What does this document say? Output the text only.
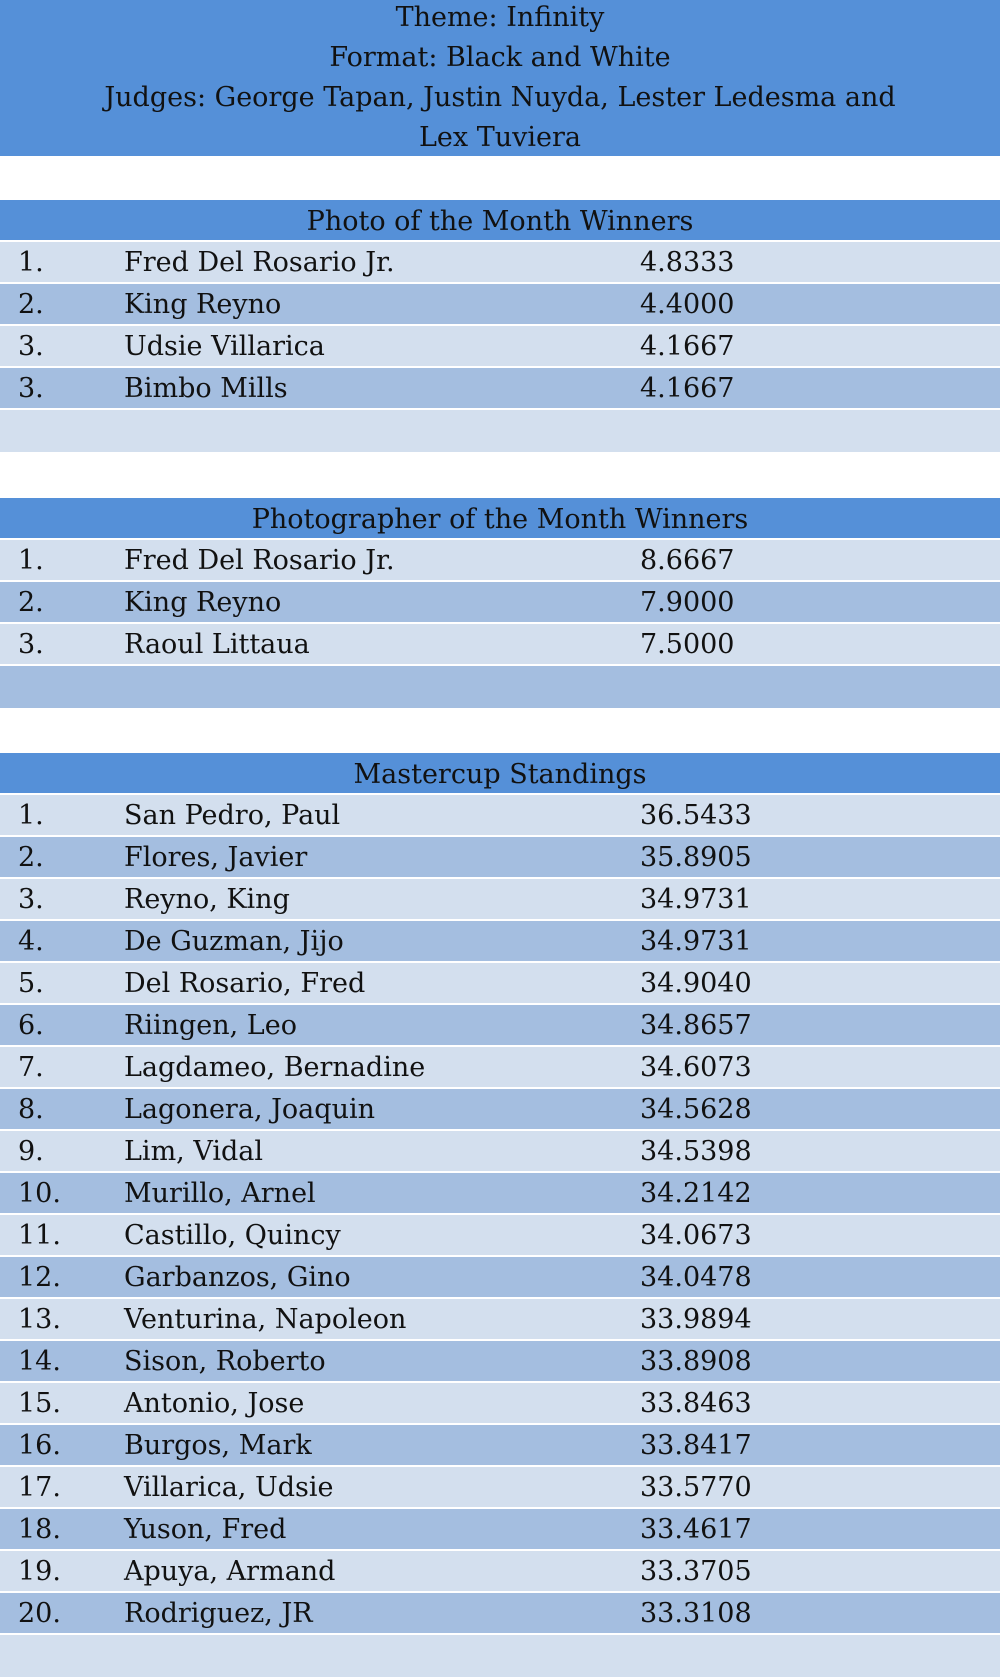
Theme: Infinity
Format: Black and White
Judges: George Tapan, Justin Nuyda, Lester Ledesma and
Lex Tuviera
Photo of the Month Winners
1.	Fred Del Rosario Jr.	4.8333
2.	King Reyno	4.4000
3.	Udsie Villarica	4.1667
3.	Bimbo Mills	4.1667
Photographer of the Month Winners
1.	Fred Del Rosario Jr.	8.6667
2.	King Reyno	7.9000
3.	Raoul Littaua	7.5000
Mastercup Standings
1.	San Pedro, Paul	36.5433
2.	Flores, Javier	35.8905
3.	Reyno, King	34.9731
4.	De Guzman, Jijo	34.9731
5.	Del Rosario, Fred	34.9040
6.	Riingen, Leo	34.8657
7.	Lagdameo, Bernadine	34.6073
8.	Lagonera, Joaquin	34.5628
9.	Lim, Vidal	34.5398
10.	Murillo, Arnel	34.2142
11.	Castillo, Quincy	34.0673
12.	Garbanzos, Gino	34.0478
13.	Venturina, Napoleon	33.9894
14.	Sison, Roberto	33.8908
15.	Antonio, Jose	33.8463
16.	Burgos, Mark	33.8417
17.	Villarica, Udsie	33.5770
18.	Yuson, Fred	33.4617
19.	Apuya, Armand	33.3705
20.	Rodriguez, JR	33.3108
